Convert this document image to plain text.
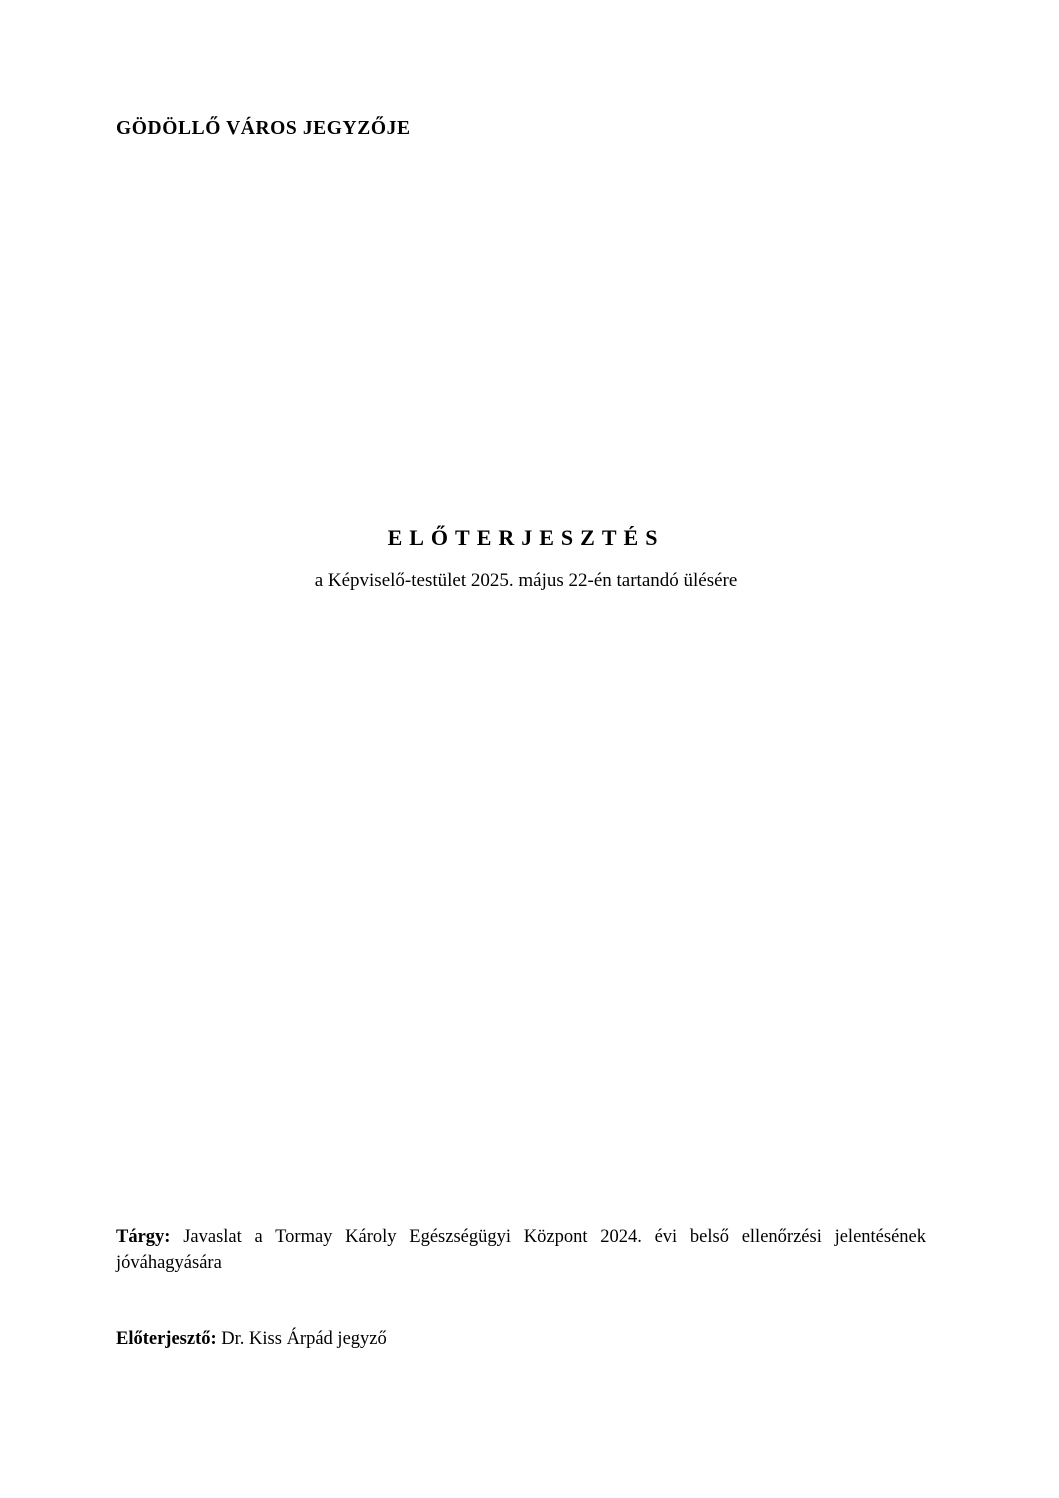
GÖDÖLLŐ VÁROS JEGYZŐJE
ELŐTERJESZTÉS
a Képviselő-testület 2025. május 22-én tartandó ülésére
Tárgy: Javaslat a Tormay Károly Egészségügyi Központ 2024. évi belső ellenőrzési jelentésének jóváhagyására
Előterjesztő: Dr. Kiss Árpád jegyző
